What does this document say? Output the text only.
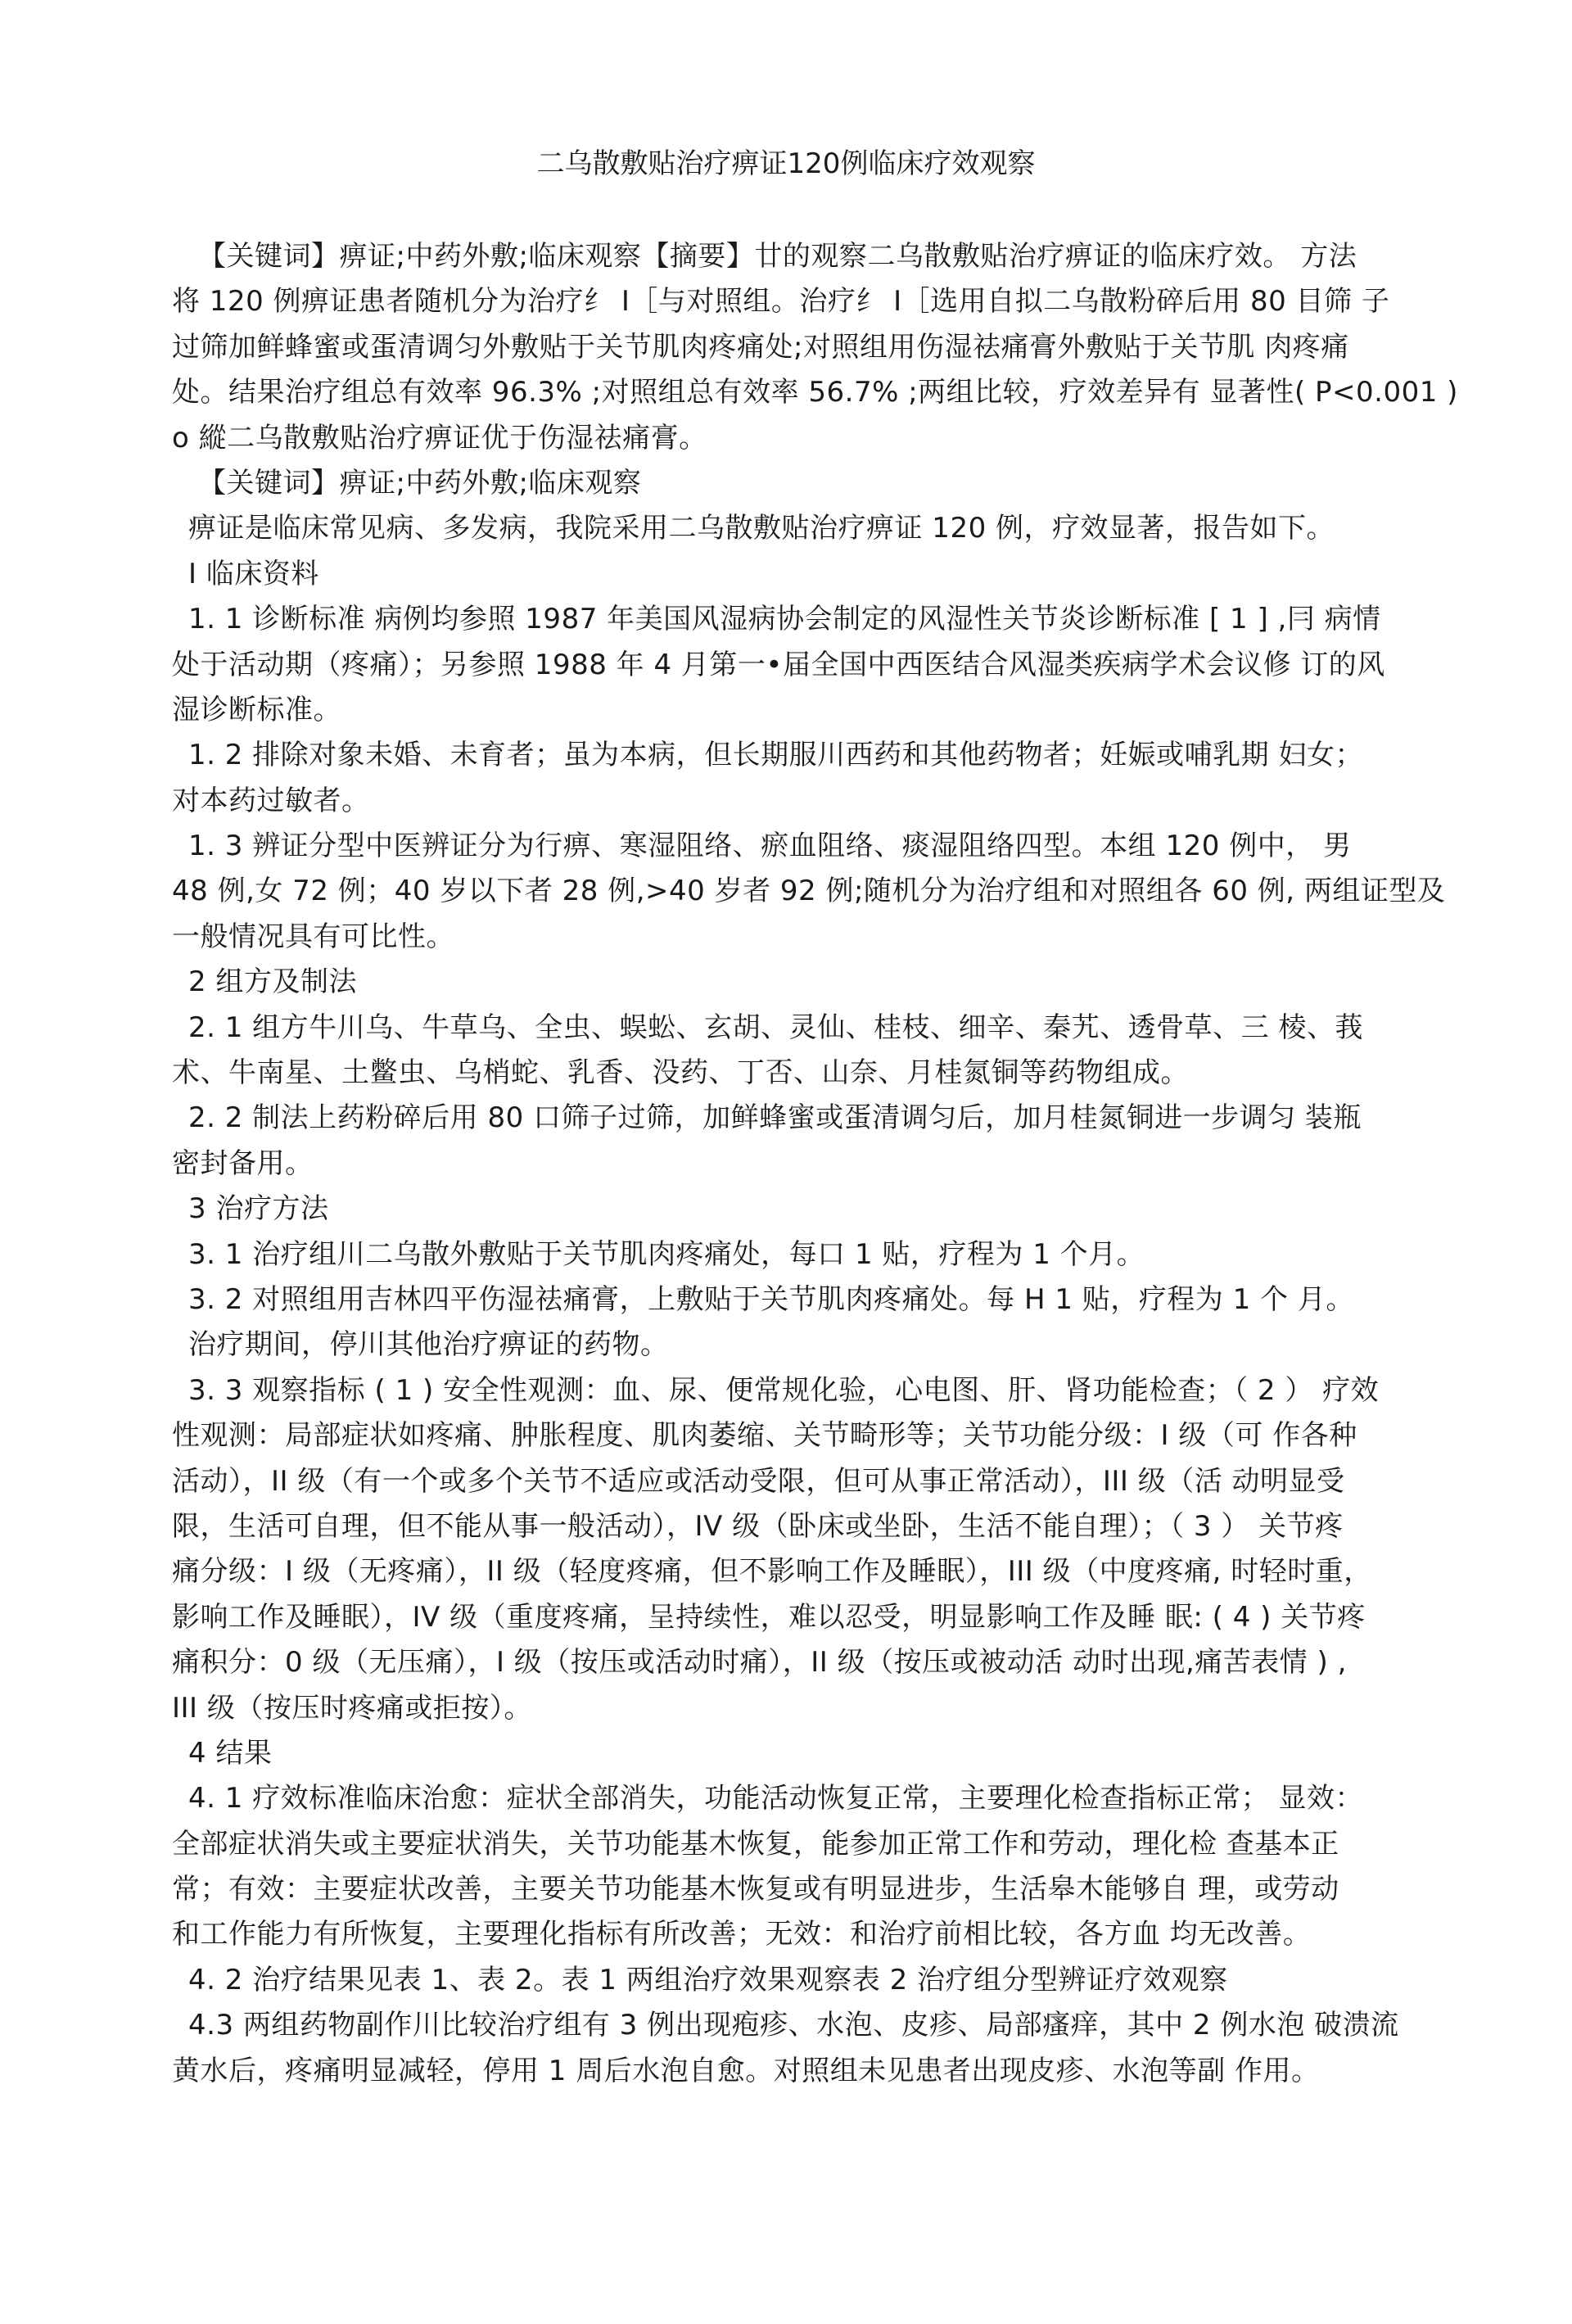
二乌散敷贴治疗痹证120例临床疗效观察
【关键词】痹证;中药外敷;临床观察【摘要】廿的观察二乌散敷贴治疗痹证的临床疗效。 方法
将 120 例痹证患者随机分为治疗纟 I［与对照组。治疗纟 I［选用自拟二乌散粉碎后用 80 目筛 子
过筛加鲜蜂蜜或蛋清调匀外敷贴于关节肌肉疼痛处;对照组用伤湿祛痛膏外敷贴于关节肌 肉疼痛
处。结果治疗组总有效率 96.3% ;对照组总有效率 56.7% ;两组比较，疗效差异有 显著性( P<0.001 )
o 縱二乌散敷贴治疗痹证优于伤湿祛痛膏。
【关键词】痹证;中药外敷;临床观察
痹证是临床常见病、多发病，我院采用二乌散敷贴治疗痹证 120 例，疗效显著，报告如下。
I 临床资料
1. 1 诊断标准 病例均参照 1987 年美国风湿病协会制定的风湿性关节炎诊断标准 [ 1 ] ,冃 病情
处于活动期（疼痛）；另参照 1988 年 4 月第一•届全国中西医结合风湿类疾病学术会议修 订的风
湿诊断标准。
1. 2 排除对象未婚、未育者；虽为本病，但长期服川西药和其他药物者；妊娠或哺乳期 妇女；
对本药过敏者。
1. 3 辨证分型中医辨证分为行痹、寒湿阻络、瘀血阻络、痰湿阻络四型。本组 120 例中， 男
48 例,女 72 例；40 岁以下者 28 例,>40 岁者 92 例;随机分为治疗组和对照组各 60 例, 两组证型及
一般情况具有可比性。
2 组方及制法
2. 1 组方牛川乌、牛草乌、全虫、蜈蚣、玄胡、灵仙、桂枝、细辛、秦艽、透骨草、三 棱、莪
术、牛南星、土鳖虫、乌梢蛇、乳香、没药、丁否、山奈、月桂氮铜等药物组成。
2. 2 制法上药粉碎后用 80 口筛子过筛，加鲜蜂蜜或蛋清调匀后，加月桂氮铜进一步调匀 装瓶
密封备用。
3 治疗方法
3. 1 治疗组川二乌散外敷贴于关节肌肉疼痛处，每口 1 贴，疗程为 1 个月。
3. 2 对照组用吉林四平伤湿祛痛膏，上敷贴于关节肌肉疼痛处。每 H 1 贴，疗程为 1 个 月。
治疗期间，停川其他治疗痹证的药物。
3. 3 观察指标 ( 1 ) 安全性观测：血、尿、便常规化验，心电图、肝、肾功能检查；（ 2 ） 疗效
性观测：局部症状如疼痛、肿胀程度、肌肉萎缩、关节畸形等；关节功能分级：I 级（可 作各种
活动），II 级（有一个或多个关节不适应或活动受限，但可从事正常活动），III 级（活 动明显受
限，生活可自理，但不能从事一般活动），IV 级（卧床或坐卧，生活不能自理）；（ 3 ） 关节疼
痛分级：I 级（无疼痛），II 级（轻度疼痛，但不影响工作及睡眠），III 级（中度疼痛, 时轻时重，
影响工作及睡眠），IV 级（重度疼痛，呈持续性，难以忍受，明显影响工作及睡 眠: ( 4 ) 关节疼
痛积分：0 级（无压痛），I 级（按压或活动时痛），II 级（按压或被动活 动时出现,痛苦表情 ) ,
III 级（按压时疼痛或拒按）。
4 结果
4. 1 疗效标准临床治愈：症状全部消失，功能活动恢复正常，主要理化检查指标正常； 显效：
全部症状消失或主要症状消失，关节功能基木恢复，能参加正常工作和劳动，理化检 查基本正
常；有效：主要症状改善，主要关节功能基木恢复或有明显进步，生活皋木能够自 理，或劳动
和工作能力有所恢复，主要理化指标有所改善；无效：和治疗前相比较，各方血 均无改善。
4. 2 治疗结果见表 1、表 2。表 1 两组治疗效果观察表 2 治疗组分型辨证疗效观察
4.3 两组药物副作川比较治疗组有 3 例出现疱疹、水泡、皮疹、局部瘙痒，其中 2 例水泡 破溃流
黄水后，疼痛明显减轻，停用 1 周后水泡自愈。对照组未见患者出现皮疹、水泡等副 作用。
